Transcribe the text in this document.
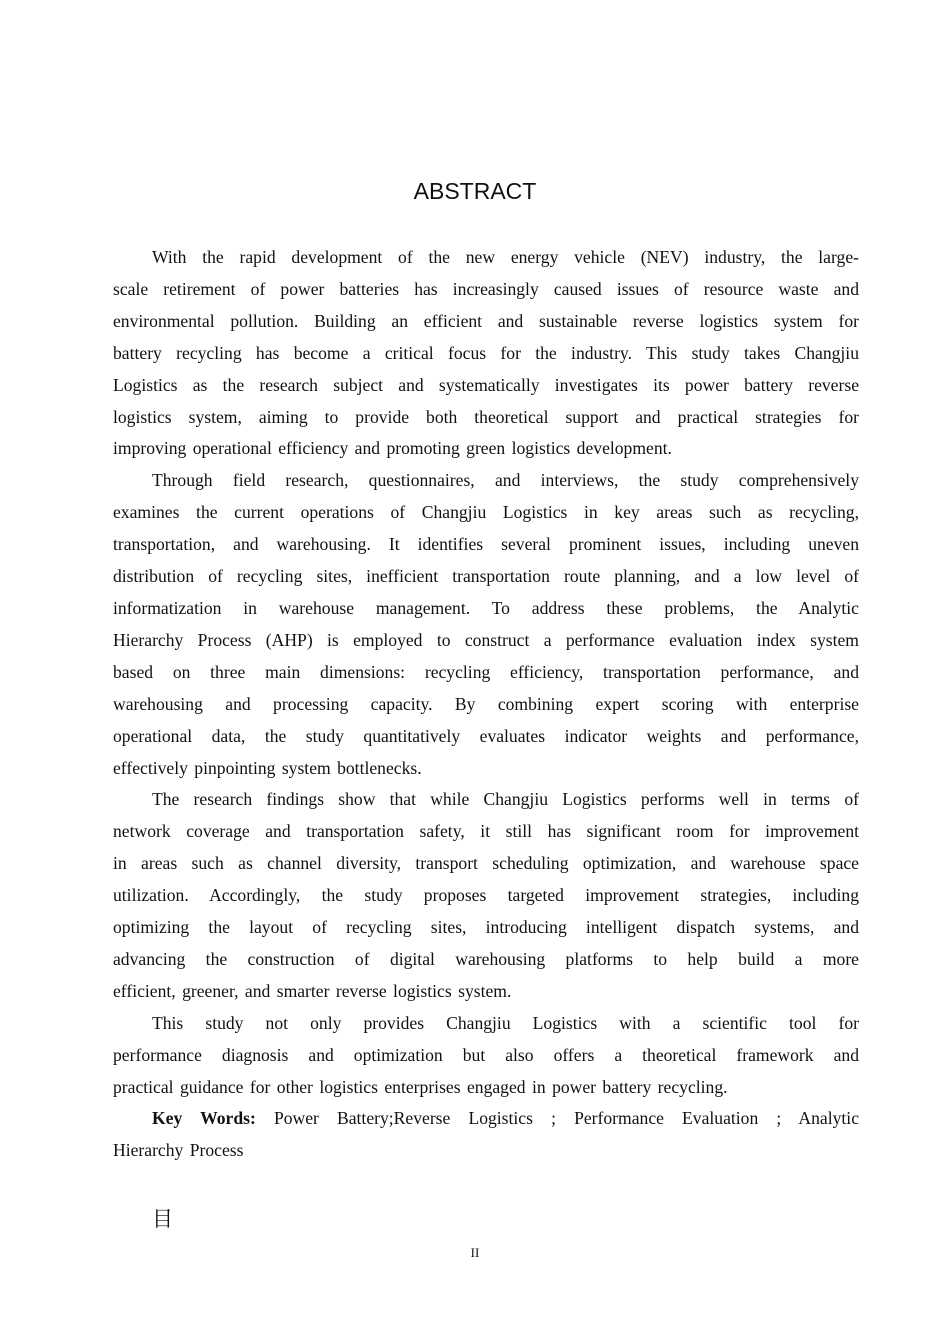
ABSTRACT
With the rapid development of the new energy vehicle (NEV) industry, the large-
scale retirement of power batteries has increasingly caused issues of resource waste and
environmental pollution. Building an efficient and sustainable reverse logistics system for
battery recycling has become a critical focus for the industry. This study takes Changjiu
Logistics as the research subject and systematically investigates its power battery reverse
logistics system, aiming to provide both theoretical support and practical strategies for
improving operational efficiency and promoting green logistics development.
Through field research, questionnaires, and interviews, the study comprehensively
examines the current operations of Changjiu Logistics in key areas such as recycling,
transportation, and warehousing. It identifies several prominent issues, including uneven
distribution of recycling sites, inefficient transportation route planning, and a low level of
informatization in warehouse management. To address these problems, the Analytic
Hierarchy Process (AHP) is employed to construct a performance evaluation index system
based on three main dimensions: recycling efficiency, transportation performance, and
warehousing and processing capacity. By combining expert scoring with enterprise
operational data, the study quantitatively evaluates indicator weights and performance,
effectively pinpointing system bottlenecks.
The research findings show that while Changjiu Logistics performs well in terms of
network coverage and transportation safety, it still has significant room for improvement
in areas such as channel diversity, transport scheduling optimization, and warehouse space
utilization. Accordingly, the study proposes targeted improvement strategies, including
optimizing the layout of recycling sites, introducing intelligent dispatch systems, and
advancing the construction of digital warehousing platforms to help build a more
efficient, greener, and smarter reverse logistics system.
This study not only provides Changjiu Logistics with a scientific tool for
performance diagnosis and optimization but also offers a theoretical framework and
practical guidance for other logistics enterprises engaged in power battery recycling.
Key Words: Power Battery;Reverse Logistics ; Performance Evaluation ; Analytic
Hierarchy Process
目
II
